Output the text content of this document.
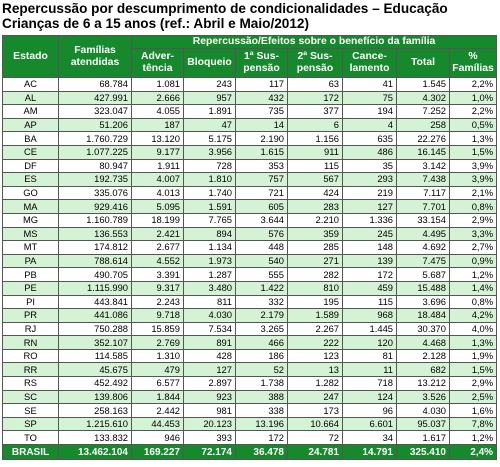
Repercussão por descumprimento de condicionalidades – Educação
Crianças de 6 a 15 anos (ref.: Abril e Maio/2012)
Estado	Famílias atendidas	Repercussão/Efeitos sobre o benefício da família						
		Adver- tência	Bloqueio	1ª Sus- pensão	2ª Sus- pensão	Cance- lamento	Total	% Famílias
AC	68.784	1.081	243	117	63	41	1.545	2,2%
AL	427.991	2.666	957	432	172	75	4.302	1,0%
AM	323.047	4.055	1.891	735	377	194	7.252	2,2%
AP	51.206	187	47	14	6	4	258	0,5%
BA	1.760.729	13.120	5.175	2.190	1.156	635	22.276	1,3%
CE	1.077.225	9.177	3.956	1.615	911	486	16.145	1,5%
DF	80.947	1.911	728	353	115	35	3.142	3,9%
ES	192.735	4.007	1.810	757	567	293	7.438	3,9%
GO	335.076	4.013	1.740	721	424	219	7.117	2,1%
MA	929.416	5.095	1.591	605	283	127	7.701	0,8%
MG	1.160.789	18.199	7.765	3.644	2.210	1.336	33.154	2,9%
MS	136.553	2.421	894	576	359	245	4.495	3,3%
MT	174.812	2.677	1.134	448	285	148	4.692	2,7%
PA	788.614	4.552	1.973	540	271	139	7.475	0,9%
PB	490.705	3.391	1.287	555	282	172	5.687	1,2%
PE	1.115.990	9.317	3.480	1.422	810	459	15.488	1,4%
PI	443.841	2.243	811	332	195	115	3.696	0,8%
PR	441.086	9.718	4.030	2.179	1.589	968	18.484	4,2%
RJ	750.288	15.859	7.534	3.265	2.267	1.445	30.370	4,0%
RN	352.107	2.769	891	466	222	120	4.468	1,3%
RO	114.585	1.310	428	186	123	81	2.128	1,9%
RR	45.675	479	127	52	13	11	682	1,5%
RS	452.492	6.577	2.897	1.738	1.282	718	13.212	2,9%
SC	139.806	1.844	923	388	247	124	3.526	2,5%
SE	258.163	2.442	981	338	173	96	4.030	1,6%
SP	1.215.610	44.453	20.123	13.196	10.664	6.601	95.037	7,8%
TO	133.832	946	393	172	72	34	1.617	1,2%
BRASIL	13.462.104	169.227	72.174	36.478	24.781	14.791	325.410	2,4%
